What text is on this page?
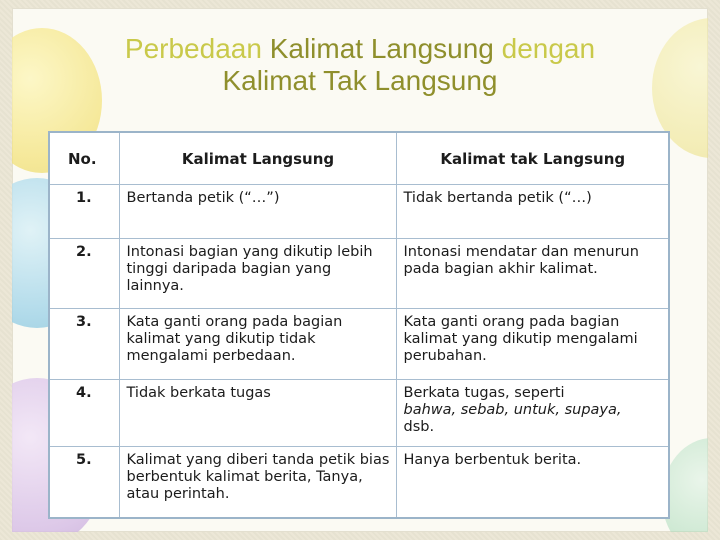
Perbedaan Kalimat Langsung dengan
Kalimat Tak Langsung
No.	Kalimat Langsung	Kalimat tak Langsung
1.	Bertanda petik (“…”)	Tidak bertanda petik (“…)
2.	Intonasi bagian yang dikutip lebih tinggi daripada bagian yang lainnya.	Intonasi mendatar dan menurun pada bagian akhir kalimat.
3.	Kata ganti orang pada bagian kalimat yang dikutip tidak mengalami perbedaan.	Kata ganti orang pada bagian kalimat yang dikutip mengalami perubahan.
4.	Tidak berkata tugas	Berkata tugas, seperti
bahwa, sebab, untuk, supaya,
dsb.
5.	Kalimat yang diberi tanda petik bias berbentuk kalimat berita, Tanya, atau perintah.	Hanya berbentuk berita.
